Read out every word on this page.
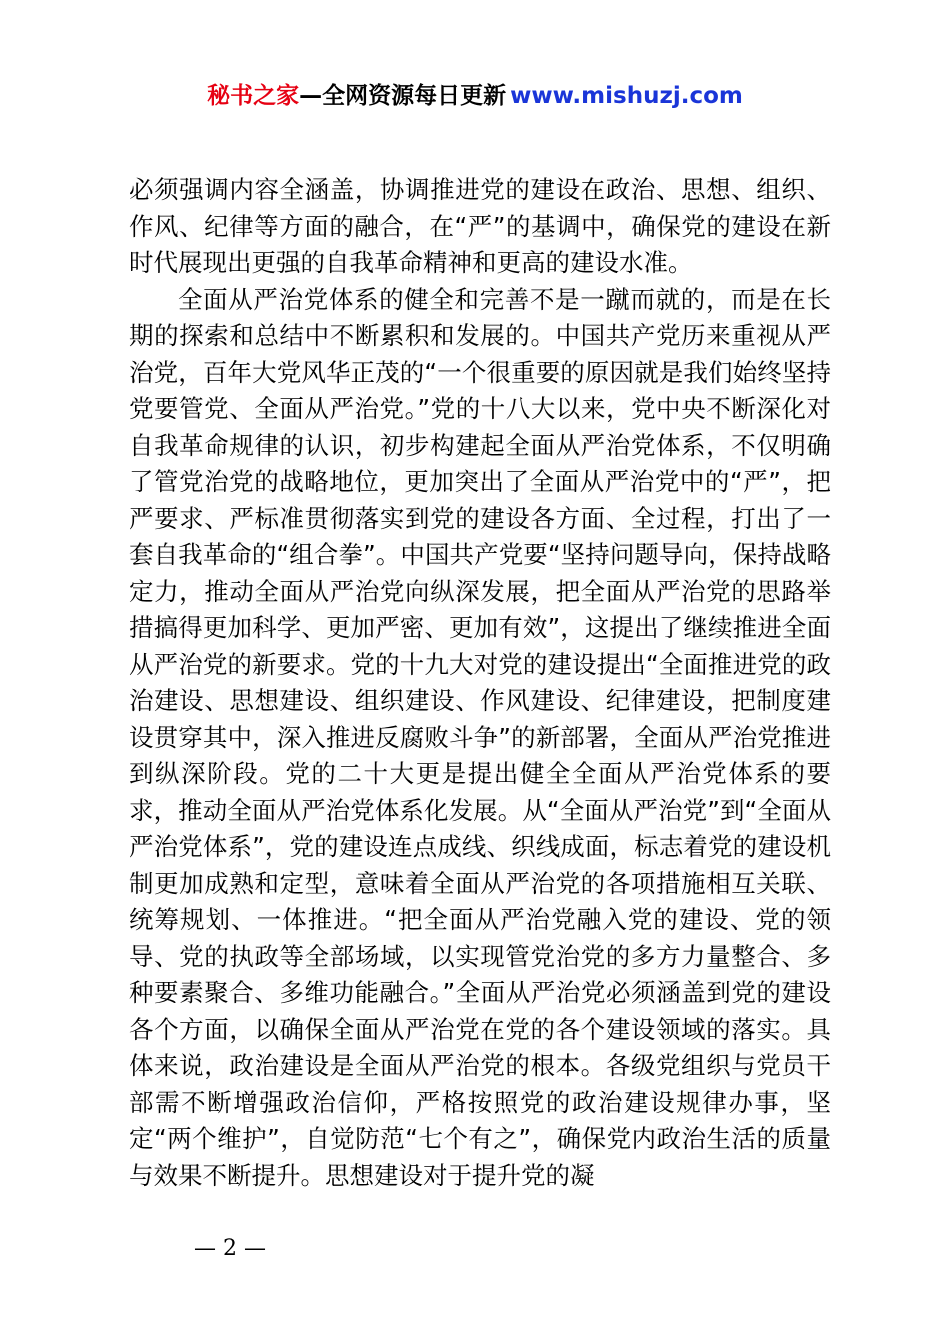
秘书之家—全网资源每日更新 www.mishuzj.com

必须强调内容全涵盖，协调推进党的建设在政治、思想、组织、作风、纪律等方面的融合，在“严”的基调中，确保党的建设在新时代展现出更强的自我革命精神和更高的建设水准。

全面从严治党体系的健全和完善不是一蹴而就的，而是在长期的探索和总结中不断累积和发展的。中国共产党历来重视从严治党，百年大党风华正茂的“一个很重要的原因就是我们始终坚持党要管党、全面从严治党。”党的十八大以来，党中央不断深化对自我革命规律的认识，初步构建起全面从严治党体系，不仅明确了管党治党的战略地位，更加突出了全面从严治党中的“严”，把严要求、严标准贯彻落实到党的建设各方面、全过程，打出了一套自我革命的“组合拳”。中国共产党要“坚持问题导向，保持战略定力，推动全面从严治党向纵深发展，把全面从严治党的思路举措搞得更加科学、更加严密、更加有效”，这提出了继续推进全面从严治党的新要求。党的十九大对党的建设提出“全面推进党的政治建设、思想建设、组织建设、作风建设、纪律建设，把制度建设贯穿其中，深入推进反腐败斗争”的新部署，全面从严治党推进到纵深阶段。党的二十大更是提出健全全面从严治党体系的要求，推动全面从严治党体系化发展。从“全面从严治党”到“全面从严治党体系”，党的建设连点成线、织线成面，标志着党的建设机制更加成熟和定型，意味着全面从严治党的各项措施相互关联、统筹规划、一体推进。“把全面从严治党融入党的建设、党的领导、党的执政等全部场域，以实现管党治党的多方力量整合、多种要素聚合、多维功能融合。”全面从严治党必须涵盖到党的建设各个方面，以确保全面从严治党在党的各个建设领域的落实。具体来说，政治建设是全面从严治党的根本。各级党组织与党员干部需不断增强政治信仰，严格按照党的政治建设规律办事，坚定“两个维护”，自觉防范“七个有之”，确保党内政治生活的质量与效果不断提升。思想建设对于提升党的凝

— 2 —
